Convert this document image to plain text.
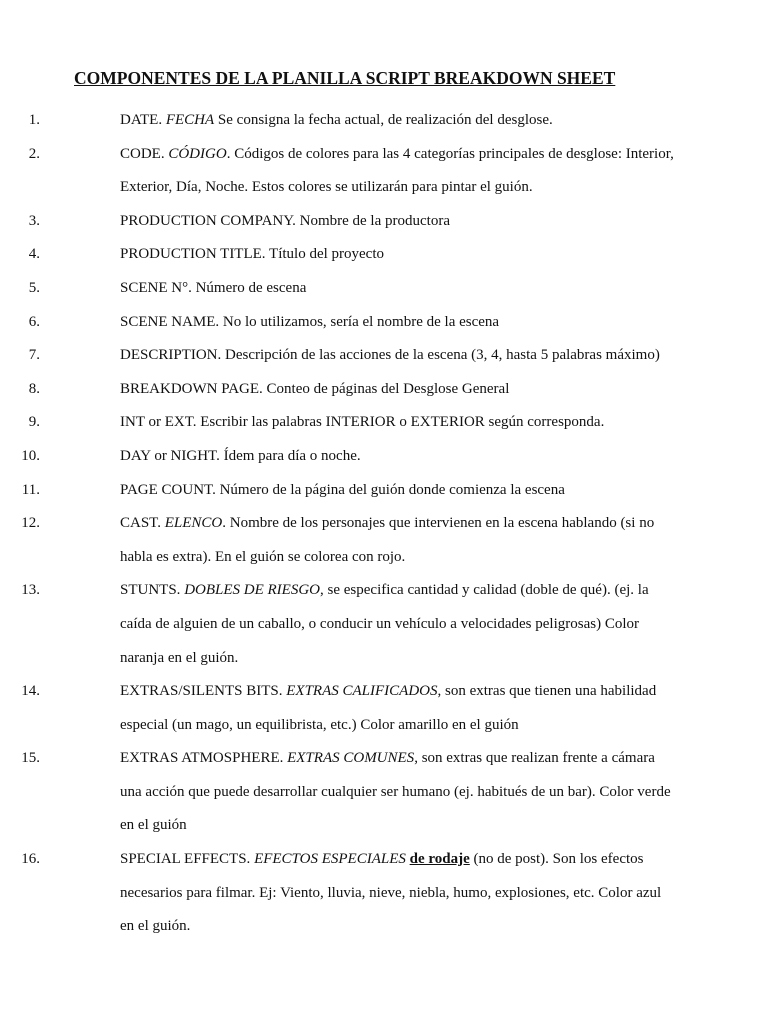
COMPONENTES DE LA PLANILLA SCRIPT BREAKDOWN SHEET
1.	DATE. FECHA Se consigna la fecha actual, de realización del desglose.
2.	CODE. CÓDIGO. Códigos de colores para las 4 categorías principales de desglose: Interior,
Exterior, Día, Noche. Estos colores se utilizarán para pintar el guión.
3.	PRODUCTION COMPANY. Nombre de la productora
4.	PRODUCTION TITLE. Título del proyecto
5.	SCENE N°. Número de escena
6.	SCENE NAME. No lo utilizamos, sería el nombre de la escena
7.	DESCRIPTION. Descripción de las acciones de la escena (3, 4, hasta 5 palabras máximo)
8.	BREAKDOWN PAGE. Conteo de páginas del Desglose General
9.	INT or EXT. Escribir las palabras INTERIOR o EXTERIOR según corresponda.
10.	DAY or NIGHT. Ídem para día o noche.
11.	PAGE COUNT. Número de la página del guión donde comienza la escena
12.	CAST. ELENCO. Nombre de los personajes que intervienen en la escena hablando (si no
habla es extra). En el guión se colorea con rojo.
13.	STUNTS. DOBLES DE RIESGO, se especifica cantidad y calidad (doble de qué). (ej. la
caída de alguien de un caballo, o conducir un vehículo a velocidades peligrosas) Color
naranja en el guión.
14.	EXTRAS/SILENTS BITS. EXTRAS CALIFICADOS, son extras que tienen una habilidad
especial (un mago, un equilibrista, etc.) Color amarillo en el guión
15.	EXTRAS ATMOSPHERE. EXTRAS COMUNES, son extras que realizan frente a cámara
una acción que puede desarrollar cualquier ser humano (ej. habitués de un bar). Color verde
en el guión
16.	SPECIAL EFFECTS. EFECTOS ESPECIALES de rodaje (no de post). Son los efectos
necesarios para filmar. Ej: Viento, lluvia, nieve, niebla, humo, explosiones, etc. Color azul
en el guión.
